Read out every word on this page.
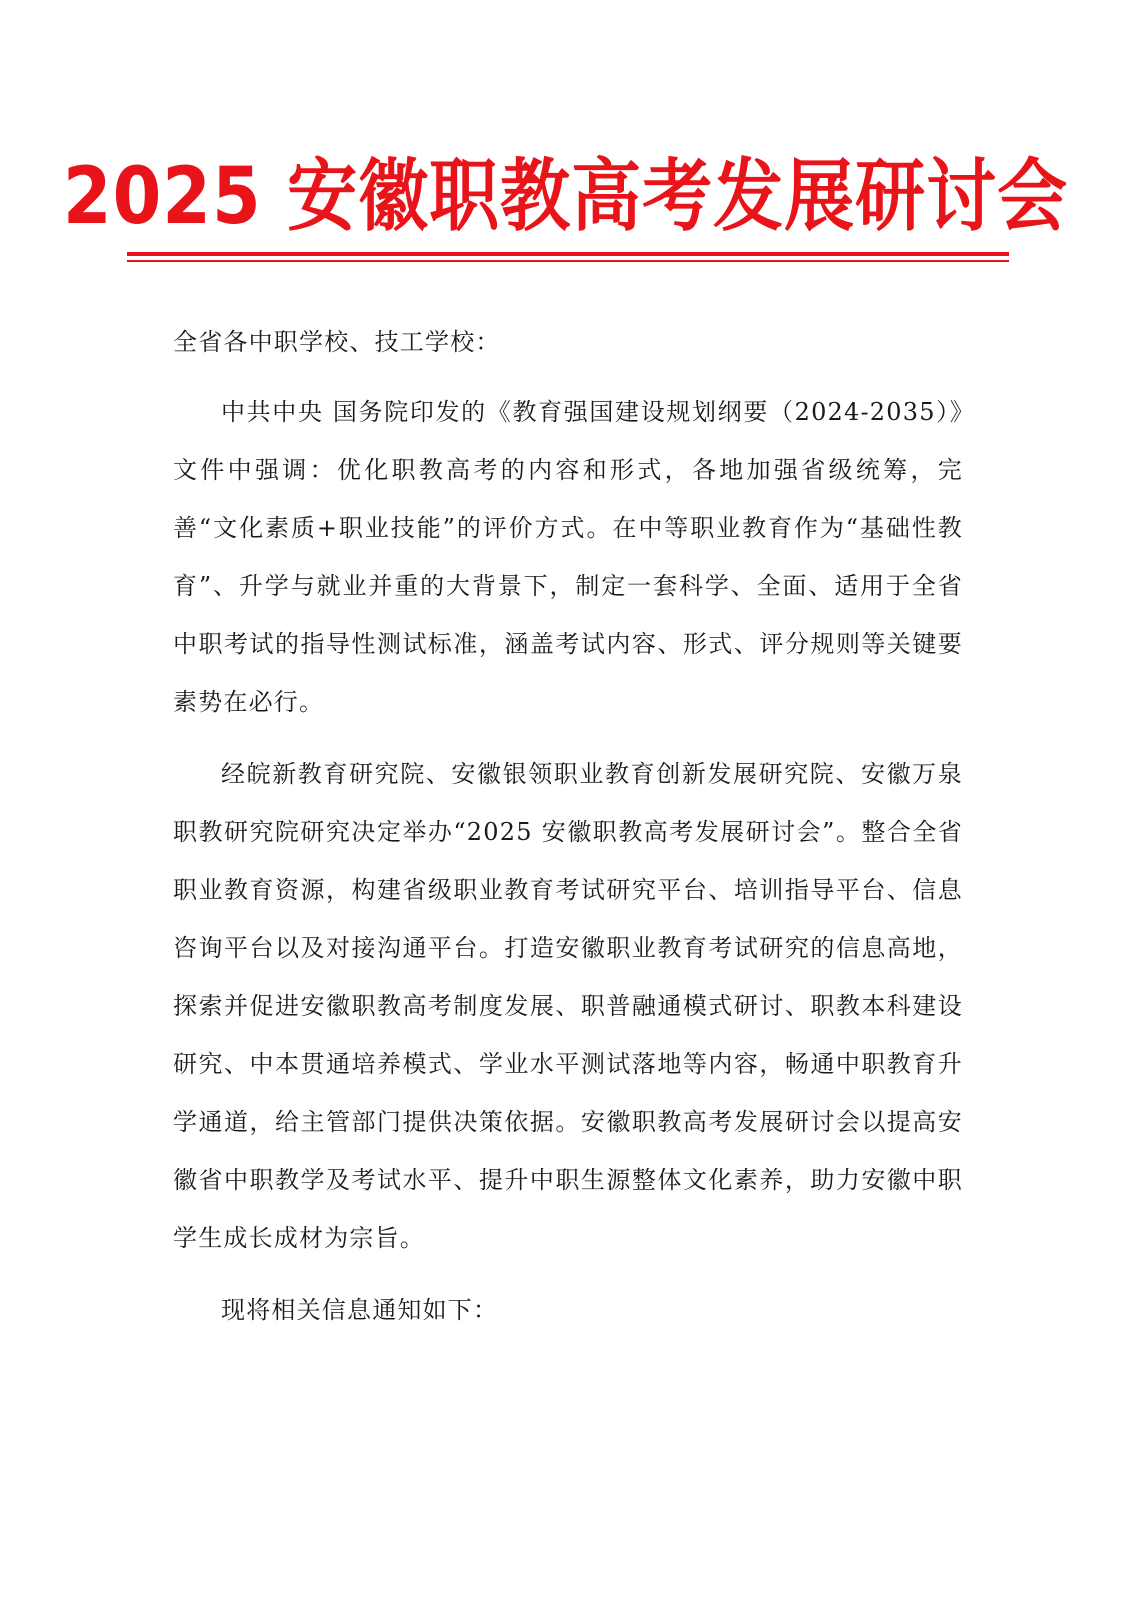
2025 安徽职教高考发展研讨会

全省各中职学校、技工学校：

中共中央 国务院印发的《教育强国建设规划纲要（2024-2035）》文件中强调：优化职教高考的内容和形式，各地加强省级统筹，完善“文化素质+职业技能”的评价方式。在中等职业教育作为“基础性教育”、升学与就业并重的大背景下，制定一套科学、全面、适用于全省中职考试的指导性测试标准，涵盖考试内容、形式、评分规则等关键要素势在必行。

经皖新教育研究院、安徽银领职业教育创新发展研究院、安徽万泉职教研究院研究决定举办“2025 安徽职教高考发展研讨会”。整合全省职业教育资源，构建省级职业教育考试研究平台、培训指导平台、信息咨询平台以及对接沟通平台。打造安徽职业教育考试研究的信息高地，探索并促进安徽职教高考制度发展、职普融通模式研讨、职教本科建设研究、中本贯通培养模式、学业水平测试落地等内容，畅通中职教育升学通道，给主管部门提供决策依据。安徽职教高考发展研讨会以提高安徽省中职教学及考试水平、提升中职生源整体文化素养，助力安徽中职学生成长成材为宗旨。

现将相关信息通知如下：
